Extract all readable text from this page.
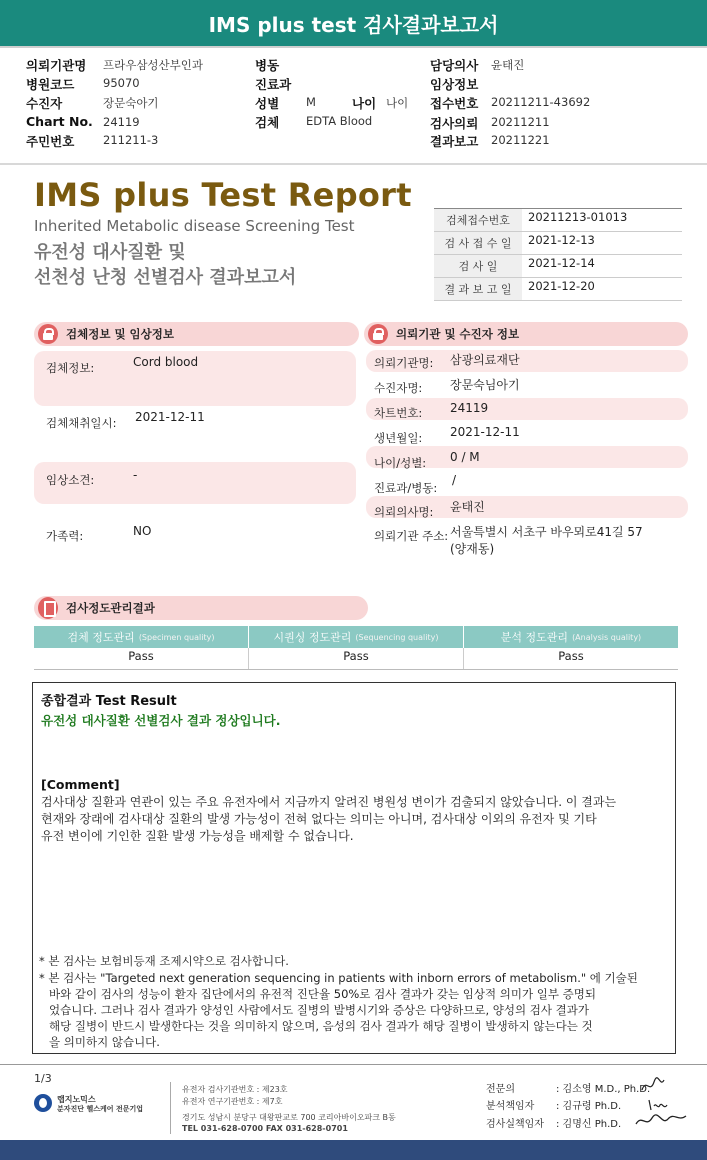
IMS plus test 검사결과보고서
의뢰기관명 프라우삼성산부인과
병원코드 95070
수진자	장문숙아기
Chart No. 24119
주민번호 211211-3
병동
진료과
성별 M	나이 나이
검체 EDTA Blood
담당의사 윤태진
임상정보
접수번호 20211211-43692
검사의뢰 20211211
결과보고 20211221
IMS plus Test Report
Inherited Metabolic disease Screening Test
유전성 대사질환 및
선천성 난청 선별검사 결과보고서
검체접수번호	20211213-01013
검 사 접 수 일	2021-12-13
검 사 일	2021-12-14
결 과 보 고 일	2021-12-20
검체정보 및 임상정보
검체정보:	Cord blood
검체채취일시: 2021-12-11
임상소견:	-
가족력:	NO
의뢰기관 및 수진자 정보
의뢰기관명: 삼광의료재단
수진자명: 장문숙님아기
차트번호: 24119
생년월일: 2021-12-11
나이/성별: 0 / M
진료과/병동:
/
의뢰의사명: 윤태진
의뢰기관 주소: 서울특별시 서초구 바우뫼로41길 57
(양재동)
검사정도관리결과
검체 정도관리 (Specimen quality)	시퀀싱 정도관리 (Sequencing quality)	분석 정도관리 (Analysis quality)
Pass	Pass	Pass
종합결과 Test Result
유전성 대사질환 선별검사 결과 정상입니다.
[Comment]
검사대상 질환과 연관이 있는 주요 유전자에서 지금까지 알려진 병원성 변이가 검출되지 않았습니다. 이 결과는
현재와 장래에 검사대상 질환의 발생 가능성이 전혀 없다는 의미는 아니며, 검사대상 이외의 유전자 및 기타
유전 변이에 기인한 질환 발생 가능성을 배제할 수 없습니다.
* 본 검사는 보험비등재 조제시약으로 검사합니다.
* 본 검사는 "Targeted next generation sequencing in patients with inborn errors of metabolism." 에 기술된
바와 같이 검사의 성능이 환자 집단에서의 유전적 진단율 50%로 검사 결과가 갖는 임상적 의미가 일부 증명되
었습니다. 그러나 검사 결과가 양성인 사람에서도 질병의 발병시기와 증상은 다양하므로, 양성의 검사 결과가
해당 질병이 반드시 발생한다는 것을 의미하지 않으며, 음성의 검사 결과가 해당 질병이 발생하지 않는다는 것
을 의미하지 않습니다.
1/3
랩지노믹스
분자진단 헬스케어 전문기업
유전자 검사기관번호 : 제23호
유전자 연구기관번호 : 제7호
경기도 성남시 분당구 대왕판교로 700 코리아바이오파크 B동
TEL 031-628-0700 FAX 031-628-0701
전문의	: 김소영 M.D., Ph.D.
분석책임자 : 김규령 Ph.D.
검사실책임자 : 김명신 Ph.D.
